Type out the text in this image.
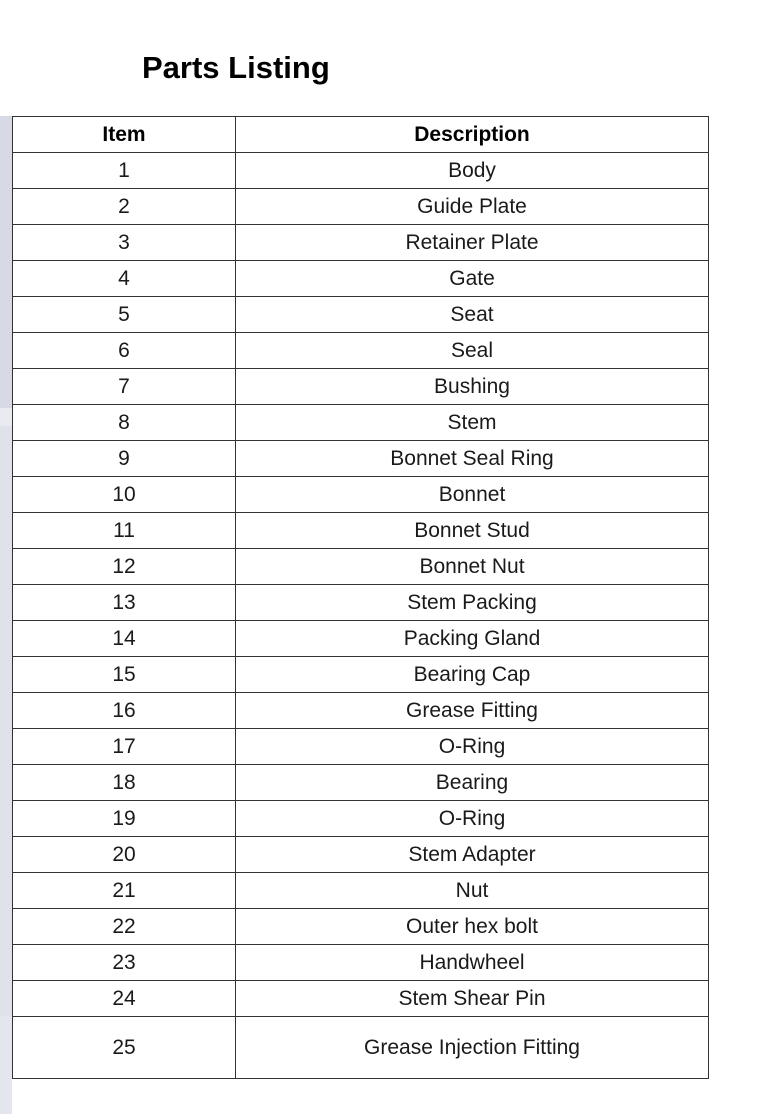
Parts Listing
Item	Description
1	Body
2	Guide Plate
3	Retainer Plate
4	Gate
5	Seat
6	Seal
7	Bushing
8	Stem
9	Bonnet Seal Ring
10	Bonnet
11	Bonnet Stud
12	Bonnet Nut
13	Stem Packing
14	Packing Gland
15	Bearing Cap
16	Grease Fitting
17	O-Ring
18	Bearing
19	O-Ring
20	Stem Adapter
21	Nut
22	Outer hex bolt
23	Handwheel
24	Stem Shear Pin
25	Grease Injection Fitting
